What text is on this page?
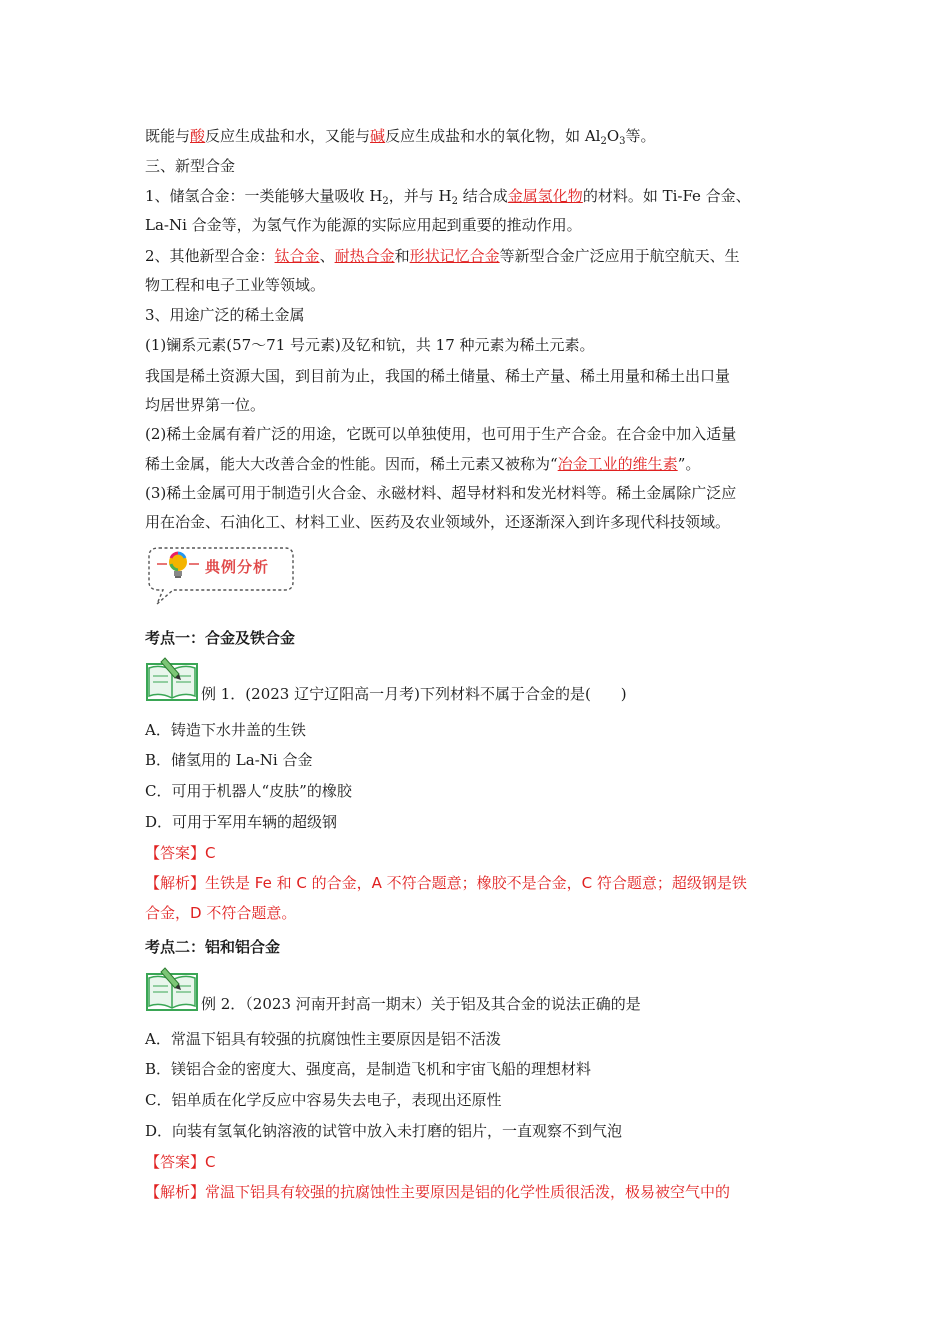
既能与酸反应生成盐和水，又能与碱反应生成盐和水的氧化物，如 $Al_2O_3$等。
三、新型合金
1、储氢合金：一类能够大量吸收 $H_2$，并与 $H_2$ 结合成金属氢化物的材料。如 Ti-Fe 合金、
La-Ni 合金等，为氢气作为能源的实际应用起到重要的推动作用。
2、其他新型合金：钛合金、耐热合金和形状记忆合金等新型合金广泛应用于航空航天、生
物工程和电子工业等领域。
3、用途广泛的稀土金属
(1)镧系元素(57～71 号元素)及钇和钪，共 17 种元素为稀土元素。
我国是稀土资源大国，到目前为止，我国的稀土储量、稀土产量、稀土用量和稀土出口量
均居世界第一位。
(2)稀土金属有着广泛的用途，它既可以单独使用，也可用于生产合金。在合金中加入适量
稀土金属，能大大改善合金的性能。因而，稀土元素又被称为“冶金工业的维生素”。
(3)稀土金属可用于制造引火合金、永磁材料、超导材料和发光材料等。稀土金属除广泛应
用在冶金、石油化工、材料工业、医药及农业领域外，还逐渐深入到许多现代科技领域。
典例分析
考点一：合金及铁合金
例 1．(2023 辽宁辽阳高一月考)下列材料不属于合金的是(　　)
A．铸造下水井盖的生铁
B．储氢用的 La-Ni 合金
C．可用于机器人“皮肤”的橡胶
D．可用于军用车辆的超级钢
【答案】C
【解析】生铁是 Fe 和 C 的合金，A 不符合题意；橡胶不是合金，C 符合题意；超级钢是铁
合金，D 不符合题意。
考点二：铝和铝合金
例 2．（2023 河南开封高一期末）关于铝及其合金的说法正确的是
A．常温下铝具有较强的抗腐蚀性主要原因是铝不活泼
B．镁铝合金的密度大、强度高，是制造飞机和宇宙飞船的理想材料
C．铝单质在化学反应中容易失去电子，表现出还原性
D．向装有氢氧化钠溶液的试管中放入未打磨的铝片，一直观察不到气泡
【答案】C
【解析】常温下铝具有较强的抗腐蚀性主要原因是铝的化学性质很活泼，极易被空气中的
